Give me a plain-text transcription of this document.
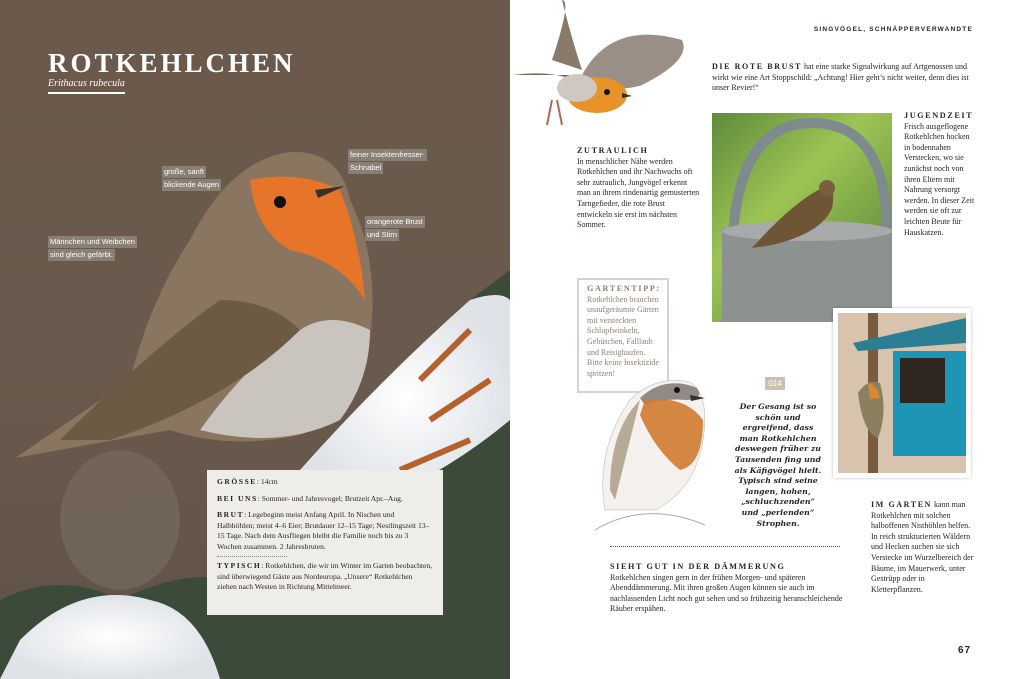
ROTKEHLCHEN
Erithacus rubecula
große, sanft
blickende Augen
feiner Insektenfresser-
Schnabel
orangerote Brust
und Stirn
Männchen und Weibchen
sind gleich gefärbt.

GRÖSSE: 14cm

BEI UNS: Sommer- und Jahresvogel; Brutzeit Apr.–Aug.

BRUT: Legebeginn meist Anfang April. In Nischen und Halbhöhlen; meist 4–6 Eier; Brutdauer 12–15 Tage; Nestlingszeit 13–15 Tage. Nach dem Ausfliegen bleibt die Familie noch bis zu 3 Wochen zusammen. 2 Jahresbruten.

TYPISCH: Rotkehlchen, die wir im Winter im Garten beobachten, sind überwiegend Gäste aus Nordeuropa. „Unsere“ Rotkehlchen ziehen nach Westen in Richtung Mittelmeer.

SINGVÖGEL, SCHNÄPPERVERWANDTE
DIE ROTE BRUST hat eine starke Signalwirkung auf Artgenossen und wirkt wie eine Art Stoppschild: „Achtung! Hier geht’s nicht weiter, denn dies ist unser Revier!“
ZUTRAULICH
In menschlicher Nähe werden Rotkehlchen und ihr Nachwuchs oft sehr zutraulich, Jungvögel erkennt man an ihrem rindenartig gemusterten Tarngefieder, die rote Brust entwickeln sie erst im nächsten Sommer.
JUGENDZEIT
Frisch ausgeflogene Rotkehlchen hocken in bodennahen Verstecken, wo sie zunächst noch von ihren Eltern mit Nahrung versorgt werden. In dieser Zeit werden sie oft zur leichten Beute für Hauskatzen.
GARTENTIPP:
Rotkehlchen brauchen unaufgeräumte Gärten mit versteckten Schlupfwinkeln, Gebüschen, Falllaub und Reisighaufen. Bitte keine Insektizide spritzen!
014
Der Gesang ist so schön und ergreifend, dass man Rotkehlchen deswegen früher zu Tausenden fing und als Käfigvögel hielt. Typisch sind seine langen, hohen, „schluchzenden“ und „perlenden“ Strophen.
IM GARTEN kann man Rotkehlchen mit solchen halboffenen Nisthöhlen helfen. In reich strukturierten Wäldern und Hecken suchen sie sich Verstecke im Wurzelbereich der Bäume, im Mauerwerk, unter Gestrüpp oder in Kletterpflanzen.
SIEHT GUT IN DER DÄMMERUNG
Rotkehlchen singen gern in der frühen Morgen- und späteren Abenddämmerung. Mit ihren großen Augen können sie auch im nachlassenden Licht noch gut sehen und so frühzeitig heranschleichende Räuber erspähen.
67
